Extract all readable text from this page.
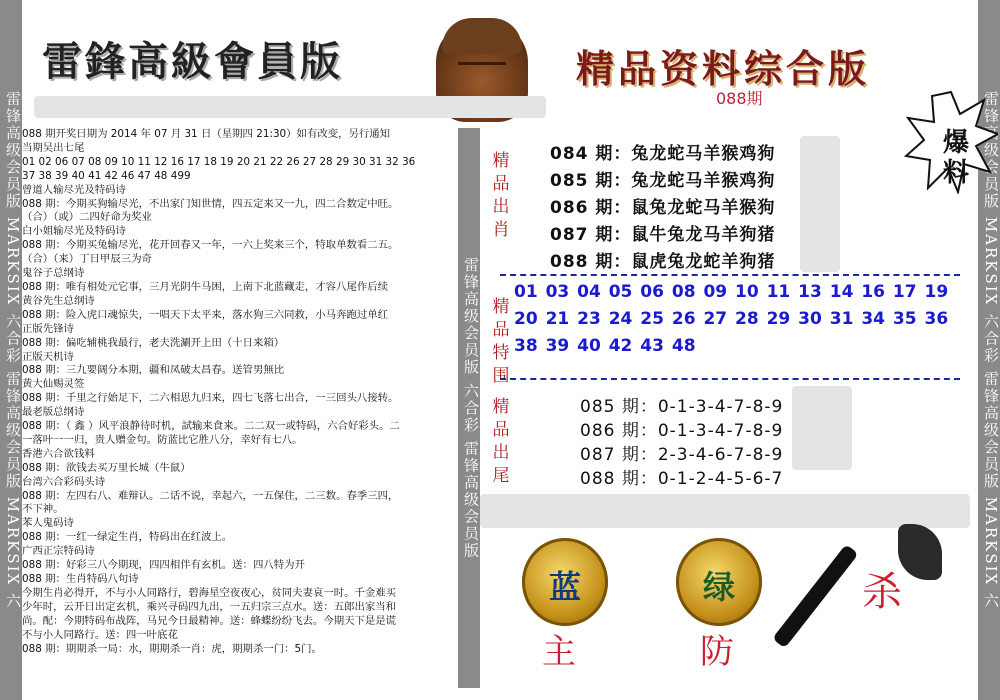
雷锋高级会员版 MARKSIX 六合彩 雷锋高级会员版 MARKSIX 六	雷锋高级会员版 MARKSIX 六合彩 雷锋高级会员版 MARKSIX 六
雷锋高级会员版 六合彩 雷锋高级会员版
雷鋒高級會員版	精品资料综合版
088期
爆料
088 期开奖日期为 2014 年 07 月 31 日（星期四 21:30）如有改变，另行通知
当期吴出七尾
01 02 06 07 08 09 10 11 12 16 17 18 19 20 21 22 26 27 28 29 30 31 32 36
37 38 39 40 41 42 46 47 48 499
曾道人输尽光及特码诗
088 期：今期买狗输尽光，不出家门知世情，四五定来又一九，四二合数定中旺。
（合）（或）二四好命为奖业
白小姐输尽光及特码诗
088 期：今期买兔输尽光，花开回春又一年，一六上奖来三个，特取单数看二五。
（合）（来）丁日甲辰三为奇
鬼谷子总纲诗
088 期：唯有相处元它事，三月光阴牛马困，上南下北蓝藏走，才容八尾作后续
黄谷先生总纲诗
088 期：险入虎口魂惊失，一唱天下太平来，落水狗三六同救，小马奔跑过单红
正版先锋诗
088 期：偏吃辅桃我最行，老夫洗涮开上田（十日来箱）
正版天机诗
088 期：三九要阔分本期，疆和凤破太昌春。送管男無比
黄大仙赐灵签
088 期：千里之行始足下，二六相思九归来，四七飞落七出合，一三回头八接转。
最老版总纲诗
088 期：（ 鑫 ）风平浪静待时机，試输来食来。二二双一或特码，六合好彩头。二
一落叶一一归，贵人赠金句。防蓝比它胜八分，幸好有七八。
香港六合欲钱料
088 期：欲钱去买万里长城（牛鼠）
台湾六合彩码头诗
088 期：左四右八、难辩认。二话不说，幸起六，一五保住，二三数。春季三四，
不下神。
苯人鬼码诗
088 期：一红一绿定生肖，特码出在红波上。
广西正宗特码诗
088 期：好彩三八今期现，四四相伴有玄机。送：四八特为开
088 期：生肖特码八句诗
今期生肖必得开，不与小人同路行，碧海星空夜夜心，贫同夫妻哀一时。千金难买
少年时，云开日出定玄机，乘兴寻码四九出，一五归宗三点水。送：五郎出家当和
尚。配：今期特码布战阵，马兄今日最精神。送：蜂蝶纷纷飞去。今期天下是是谎
不与小人同路行。送：四一叶底花
088 期：期期杀一局：水，期期杀一肖：虎，期期杀一门：5门。
精品出肖
084 期：兔龙蛇马羊猴鸡狗
085 期：兔龙蛇马羊猴鸡狗
086 期：鼠兔龙蛇马羊猴狗
087 期：鼠牛兔龙马羊狗猪
088 期：鼠虎兔龙蛇羊狗猪
精品特围
01 03 04 05 06 08 09 10 11 13 14 16 17 19 20 21 23 24 25 26 27 28 29 30 31 34 35 36 38 39 40 42 43 48
精品出尾
085 期：0-1-3-4-7-8-9
086 期：0-1-3-4-7-8-9
087 期：2-3-4-6-7-8-9
088 期：0-1-2-4-5-6-7
蓝	绿
主	防
杀
